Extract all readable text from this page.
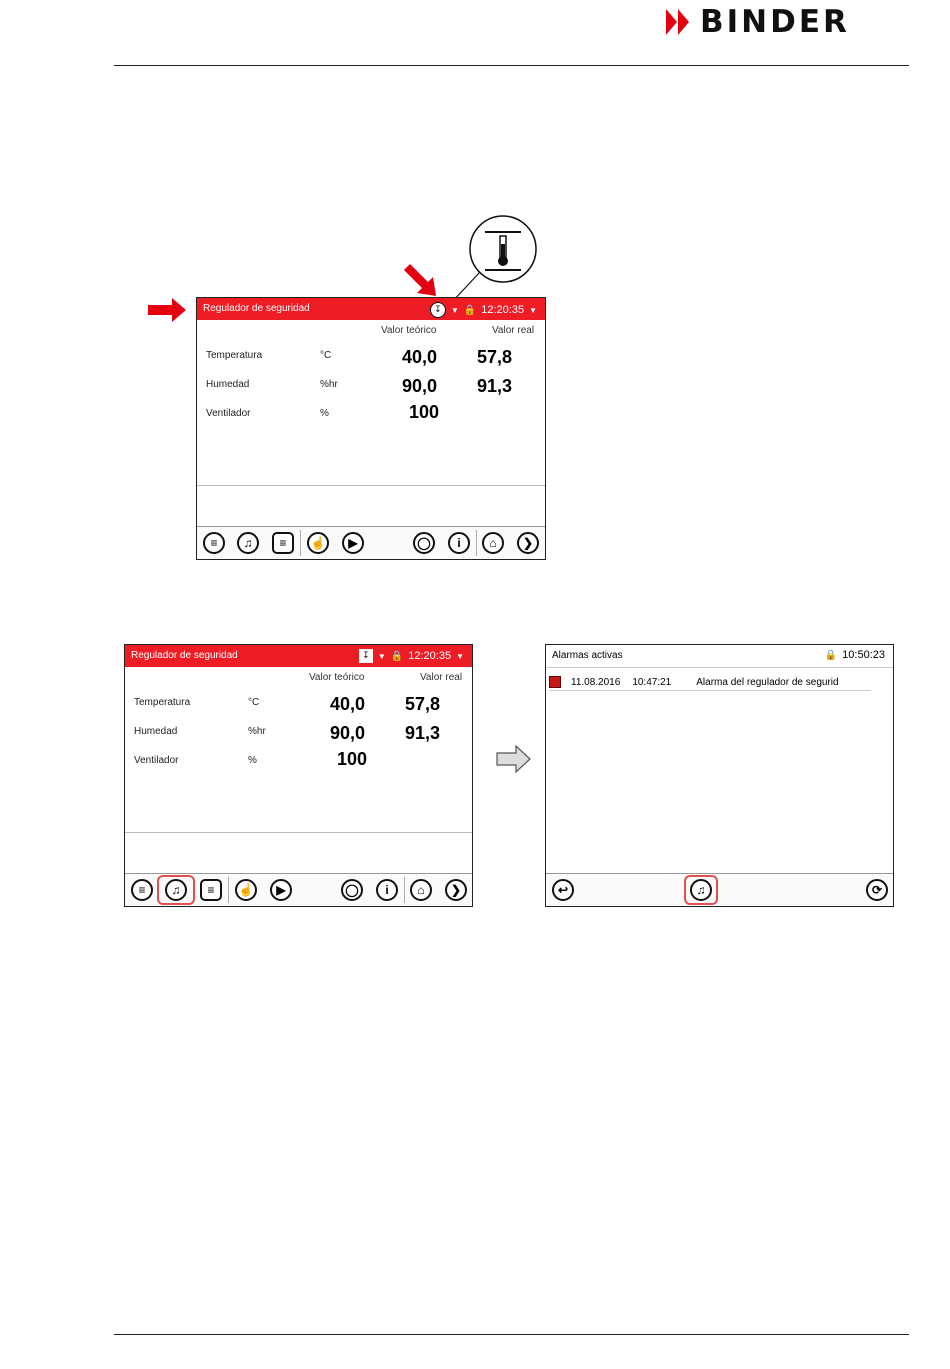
BINDER
Regulador de seguridad	↧	▼ 🔒 12:20:35 ▼
Valor teórico	Valor real
Temperatura	°C	40,0 57,8
Humedad	%hr	90,0 91,3
Ventilador	%	100
≡	♫	≡	☝	▶	◯	i	⌂	❯
Regulador de seguridad	↧	▼ 🔒 12:20:35 ▼
Valor teórico	Valor real
Temperatura	°C	40,0 57,8
Humedad	%hr	90,0 91,3
Ventilador	%	100
≡	♫	≡	☝	▶	◯	i	⌂	❯
Alarmas activas	🔒 10:50:23
11.08.2016 10:47:21	Alarma del regulador de segurid
↩	♫	⟳
